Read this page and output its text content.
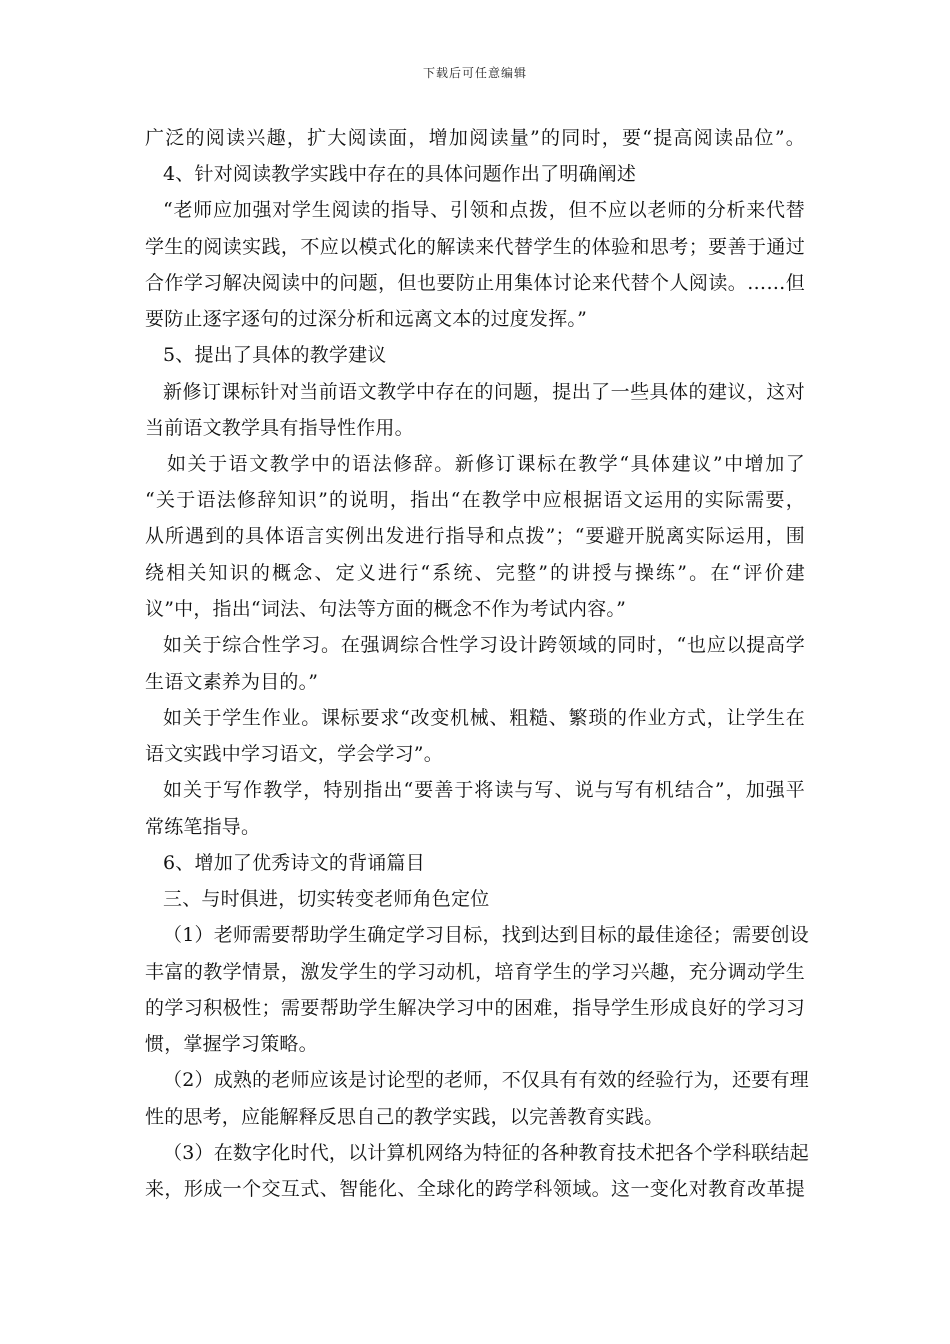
下载后可任意编辑
广泛的阅读兴趣，扩大阅读面，增加阅读量”的同时，要“提高阅读品位”。
4、针对阅读教学实践中存在的具体问题作出了明确阐述
“老师应加强对学生阅读的指导、引领和点拨，但不应以老师的分析来代替
学生的阅读实践，不应以模式化的解读来代替学生的体验和思考；要善于通过
合作学习解决阅读中的问题，但也要防止用集体讨论来代替个人阅读。……但
要防止逐字逐句的过深分析和远离文本的过度发挥。”
5、提出了具体的教学建议
新修订课标针对当前语文教学中存在的问题，提出了一些具体的建议，这对
当前语文教学具有指导性作用。
如关于语文教学中的语法修辞。新修订课标在教学“具体建议”中增加了
“关于语法修辞知识”的说明，指出“在教学中应根据语文运用的实际需要，
从所遇到的具体语言实例出发进行指导和点拨”；“要避开脱离实际运用，围
绕相关知识的概念、定义进行“系统、完整”的讲授与操练”。在“评价建
议”中，指出“词法、句法等方面的概念不作为考试内容。”
如关于综合性学习。在强调综合性学习设计跨领域的同时，“也应以提高学
生语文素养为目的。”
如关于学生作业。课标要求“改变机械、粗糙、繁琐的作业方式，让学生在
语文实践中学习语文，学会学习”。
如关于写作教学，特别指出“要善于将读与写、说与写有机结合”，加强平
常练笔指导。
6、增加了优秀诗文的背诵篇目
三、与时俱进，切实转变老师角色定位
（1）老师需要帮助学生确定学习目标，找到达到目标的最佳途径；需要创设
丰富的教学情景，激发学生的学习动机，培育学生的学习兴趣，充分调动学生
的学习积极性；需要帮助学生解决学习中的困难，指导学生形成良好的学习习
惯，掌握学习策略。
（2）成熟的老师应该是讨论型的老师，不仅具有有效的经验行为，还要有理
性的思考，应能解释反思自己的教学实践，以完善教育实践。
（3）在数字化时代，以计算机网络为特征的各种教育技术把各个学科联结起
来，形成一个交互式、智能化、全球化的跨学科领域。这一变化对教育改革提
